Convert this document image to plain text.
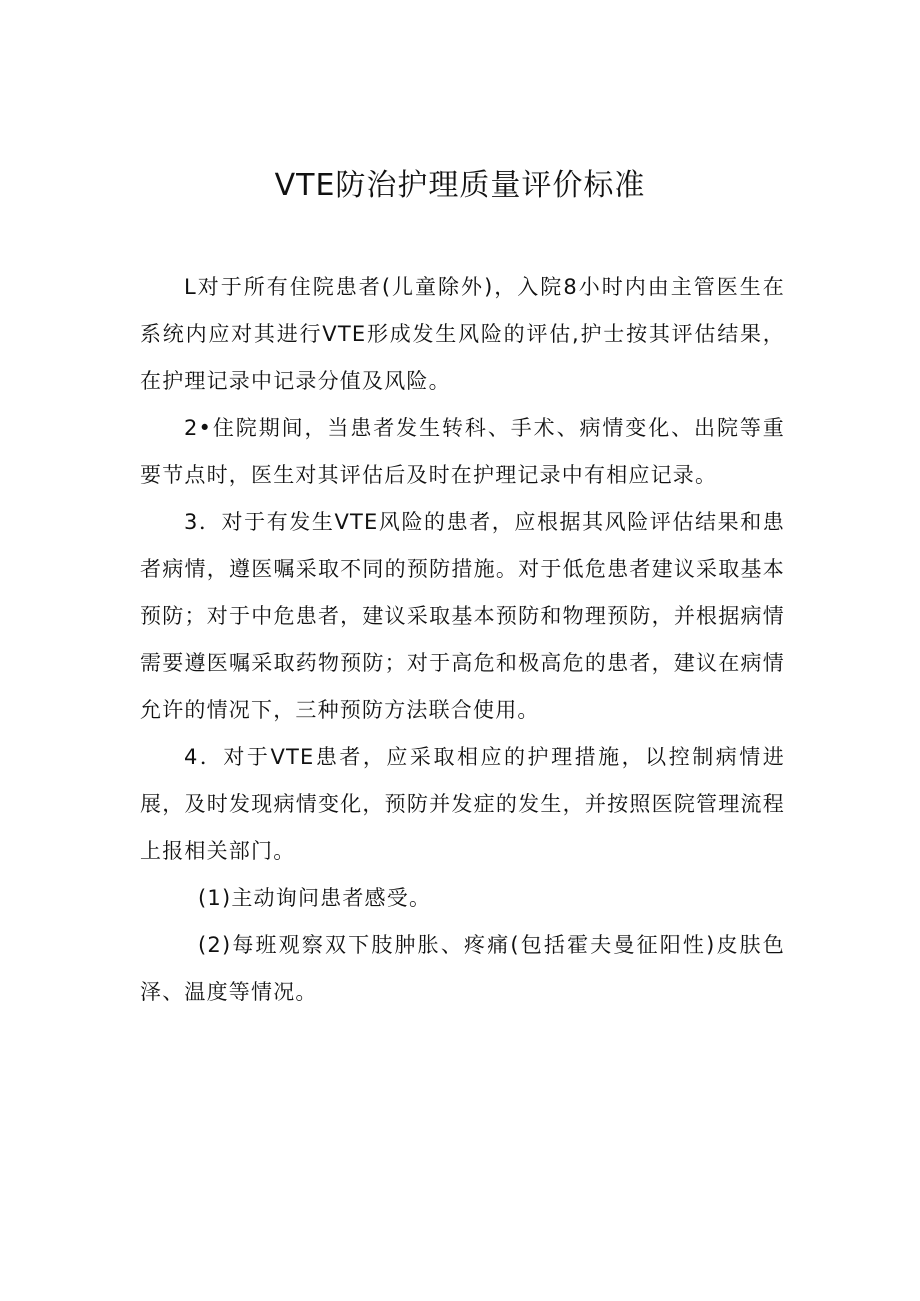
VTE防治护理质量评价标准

L对于所有住院患者(儿童除外)，入院8小时内由主管医生在系统内应对其进行VTE形成发生风险的评估,护士按其评估结果，在护理记录中记录分值及风险。

2•住院期间，当患者发生转科、手术、病情变化、出院等重要节点时，医生对其评估后及时在护理记录中有相应记录。

3．对于有发生VTE风险的患者，应根据其风险评估结果和患者病情，遵医嘱采取不同的预防措施。对于低危患者建议采取基本预防；对于中危患者，建议采取基本预防和物理预防，并根据病情需要遵医嘱采取药物预防；对于高危和极高危的患者，建议在病情允许的情况下，三种预防方法联合使用。

4．对于VTE患者，应采取相应的护理措施，以控制病情进展，及时发现病情变化，预防并发症的发生，并按照医院管理流程上报相关部门。

(1)主动询问患者感受。

(2)每班观察双下肢肿胀、疼痛(包括霍夫曼征阳性)皮肤色泽、温度等情况。
